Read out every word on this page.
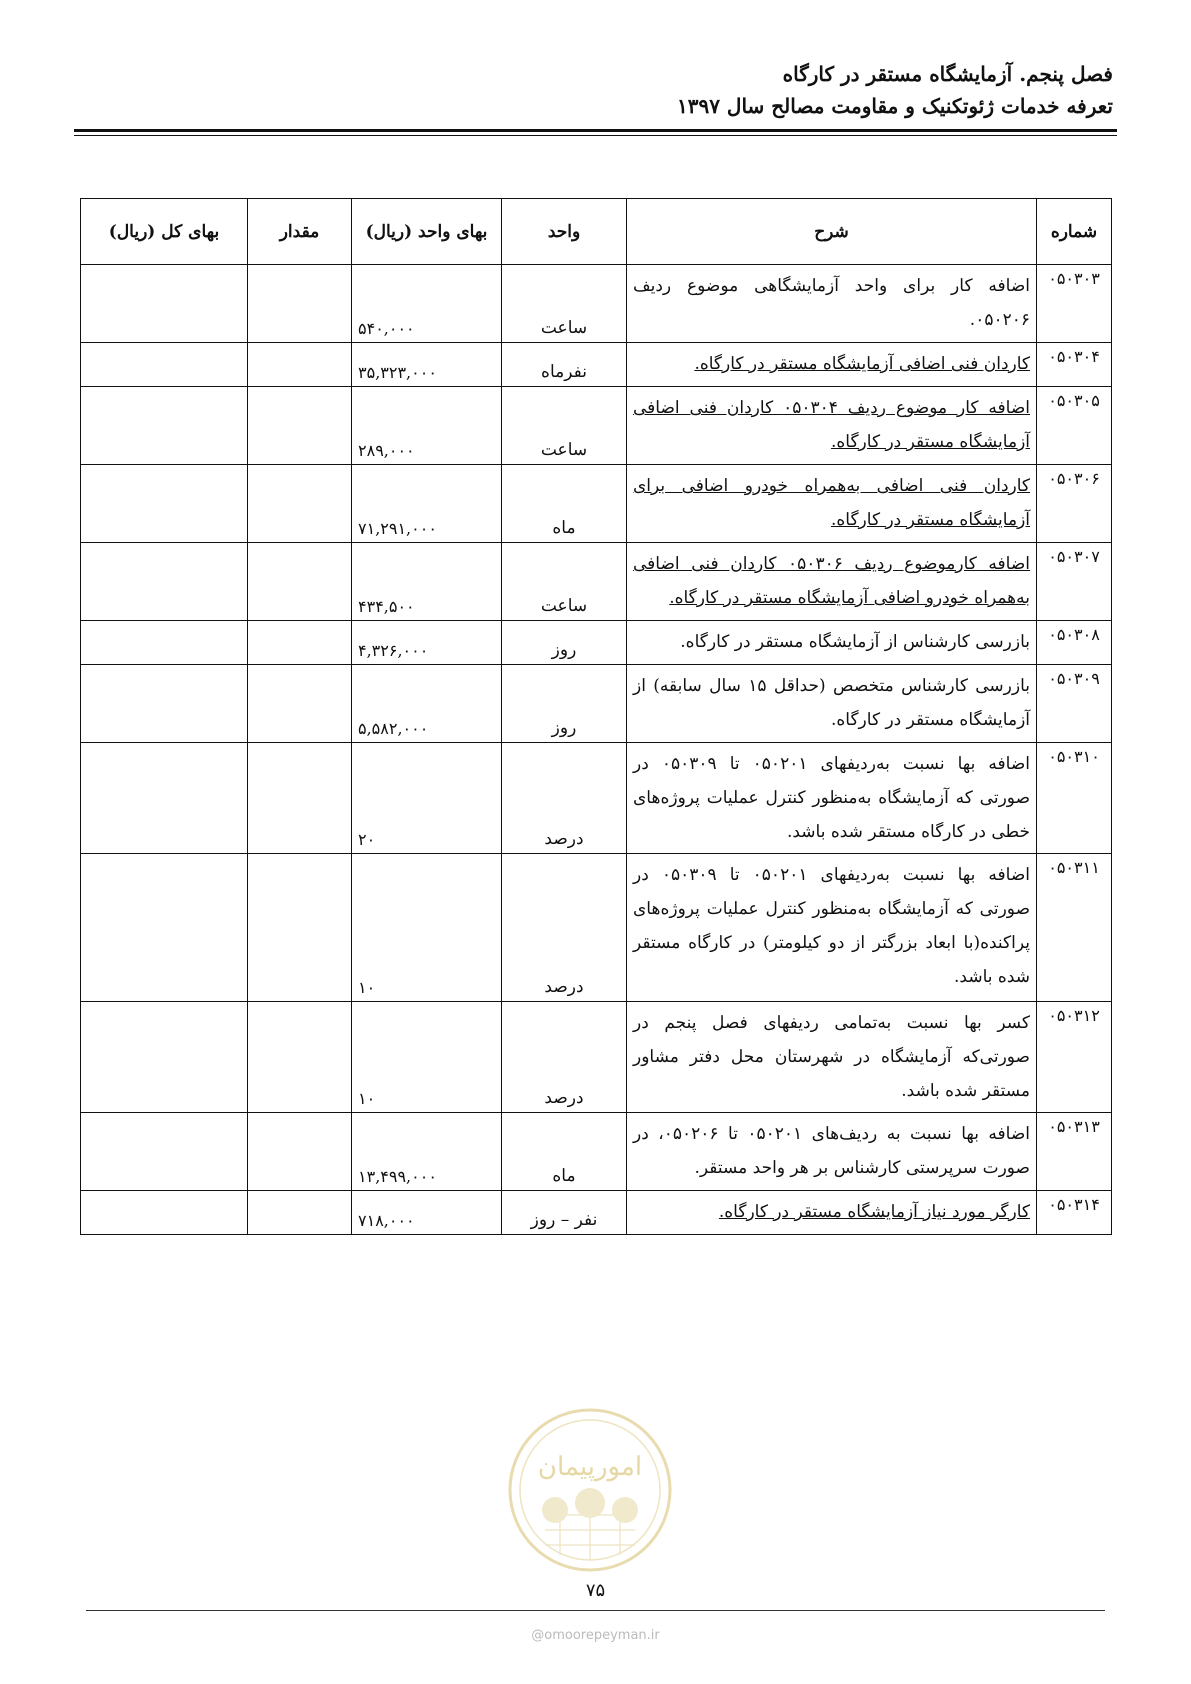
فصل پنجم. آزمایشگاه مستقر در کارگاه
تعرفه خدمات ژئوتکنیک و مقاومت مصالح سال ۱۳۹۷
شماره	شرح	واحد	بهای واحد (ریال)	مقدار	بهای کل (ریال)
۰۵۰۳۰۳	اضافه کار برای واحد آزمایشگاهی موضوع ردیف ۰۵۰۲۰۶.	ساعت	۵۴۰,۰۰۰		
۰۵۰۳۰۴	کاردان فنی اضافی آزمایشگاه مستقر در کارگاه.	نفرماه	۳۵,۳۲۳,۰۰۰		
۰۵۰۳۰۵	اضافه کار موضوع ردیف ۰۵۰۳۰۴ کاردان فنی اضافی آزمایشگاه مستقر در کارگاه.	ساعت	۲۸۹,۰۰۰		
۰۵۰۳۰۶	کاردان فنی اضافی به‌همراه خودرو اضافی برای آزمایشگاه مستقر در کارگاه.	ماه	۷۱,۲۹۱,۰۰۰		
۰۵۰۳۰۷	اضافه کارموضوع ردیف ۰۵۰۳۰۶ کاردان فنی اضافی به‌همراه خودرو اضافی آزمایشگاه مستقر در کارگاه.	ساعت	۴۳۴,۵۰۰		
۰۵۰۳۰۸	بازرسی کارشناس از آزمایشگاه مستقر در کارگاه.	روز	۴,۳۲۶,۰۰۰		
۰۵۰۳۰۹	بازرسی کارشناس متخصص (حداقل ۱۵ سال سابقه) از آزمایشگاه مستقر در کارگاه.	روز	۵,۵۸۲,۰۰۰		
۰۵۰۳۱۰	اضافه بها نسبت به‌ردیفهای ۰۵۰۲۰۱ تا ۰۵۰۳۰۹ در صورتی که آزمایشگاه به‌منظور کنترل عملیات پروژه‌های خطی در کارگاه مستقر شده باشد.	درصد	۲۰		
۰۵۰۳۱۱	اضافه بها نسبت به‌ردیفهای ۰۵۰۲۰۱ تا ۰۵۰۳۰۹ در صورتی که آزمایشگاه به‌منظور کنترل عملیات پروژه‌های پراکنده(با ابعاد بزرگتر از دو کیلومتر) در کارگاه مستقر شده باشد.	درصد	۱۰		
۰۵۰۳۱۲	کسر بها نسبت به‌تمامی ردیفهای فصل پنجم در صورتی‌که آزمایشگاه در شهرستان محل دفتر مشاور مستقر شده باشد.	درصد	۱۰		
۰۵۰۳۱۳	اضافه بها نسبت به ردیف‌های ۰۵۰۲۰۱ تا ۰۵۰۲۰۶، در صورت سرپرستی کارشناس بر هر واحد مستقر.	ماه	۱۳,۴۹۹,۰۰۰		
۰۵۰۳۱۴	کارگر مورد نیاز آزمایشگاه مستقر در کارگاه.	نفر – روز	۷۱۸,۰۰۰		
امورپیمان
۷۵
@omoorepeyman.ir
